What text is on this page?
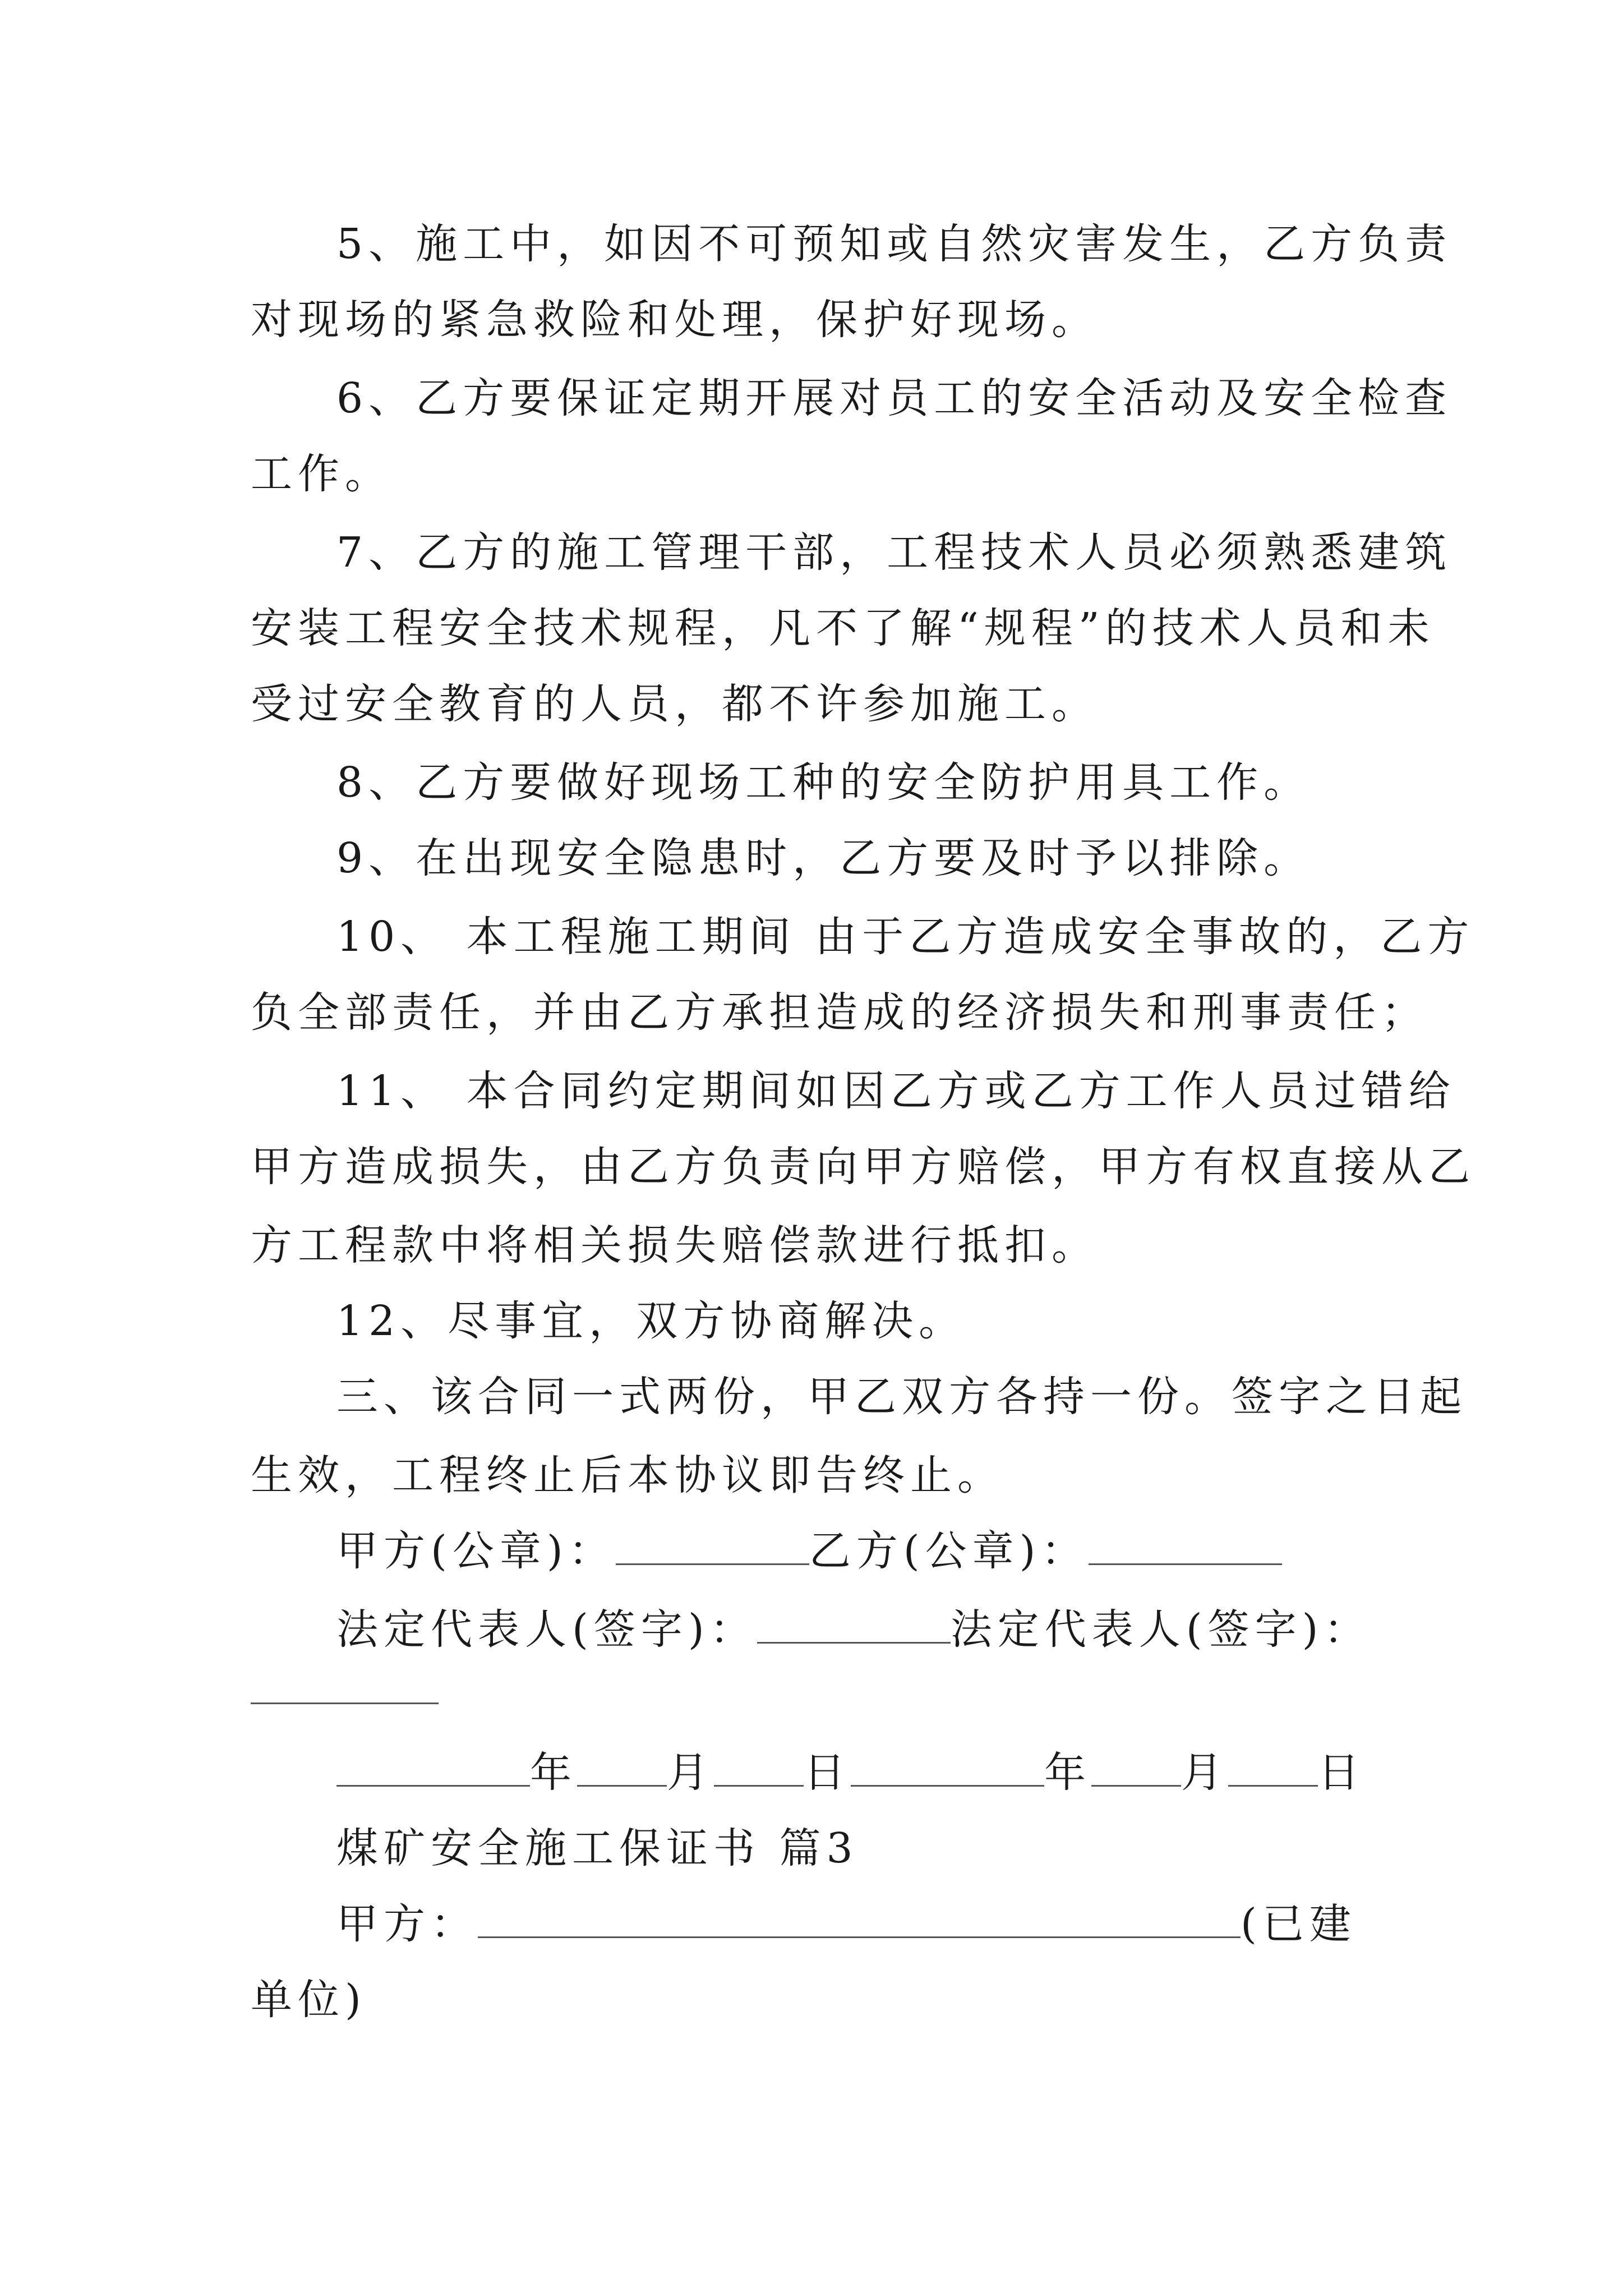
5、施工中，如因不可预知或自然灾害发生，乙方负责
对现场的紧急救险和处理，保护好现场。
6、乙方要保证定期开展对员工的安全活动及安全检查
工作。
7、乙方的施工管理干部，工程技术人员必须熟悉建筑
安装工程安全技术规程，凡不了解“规程”的技术人员和未
受过安全教育的人员，都不许参加施工。
8、乙方要做好现场工种的安全防护用具工作。
9、在出现安全隐患时，乙方要及时予以排除。
10、 本工程施工期间 由于乙方造成安全事故的，乙方
负全部责任，并由乙方承担造成的经济损失和刑事责任；
11、 本合同约定期间如因乙方或乙方工作人员过错给
甲方造成损失，由乙方负责向甲方赔偿，甲方有权直接从乙
方工程款中将相关损失赔偿款进行抵扣。
12、尽事宜，双方协商解决。
三、该合同一式两份，甲乙双方各持一份。签字之日起
生效，工程终止后本协议即告终止。
甲方(公章)：	乙方(公章)：
法定代表人(签字)：	法定代表人(签字)：
年 月 日	年 月 日
煤矿安全施工保证书 篇3
甲方：	(已建
单位)
